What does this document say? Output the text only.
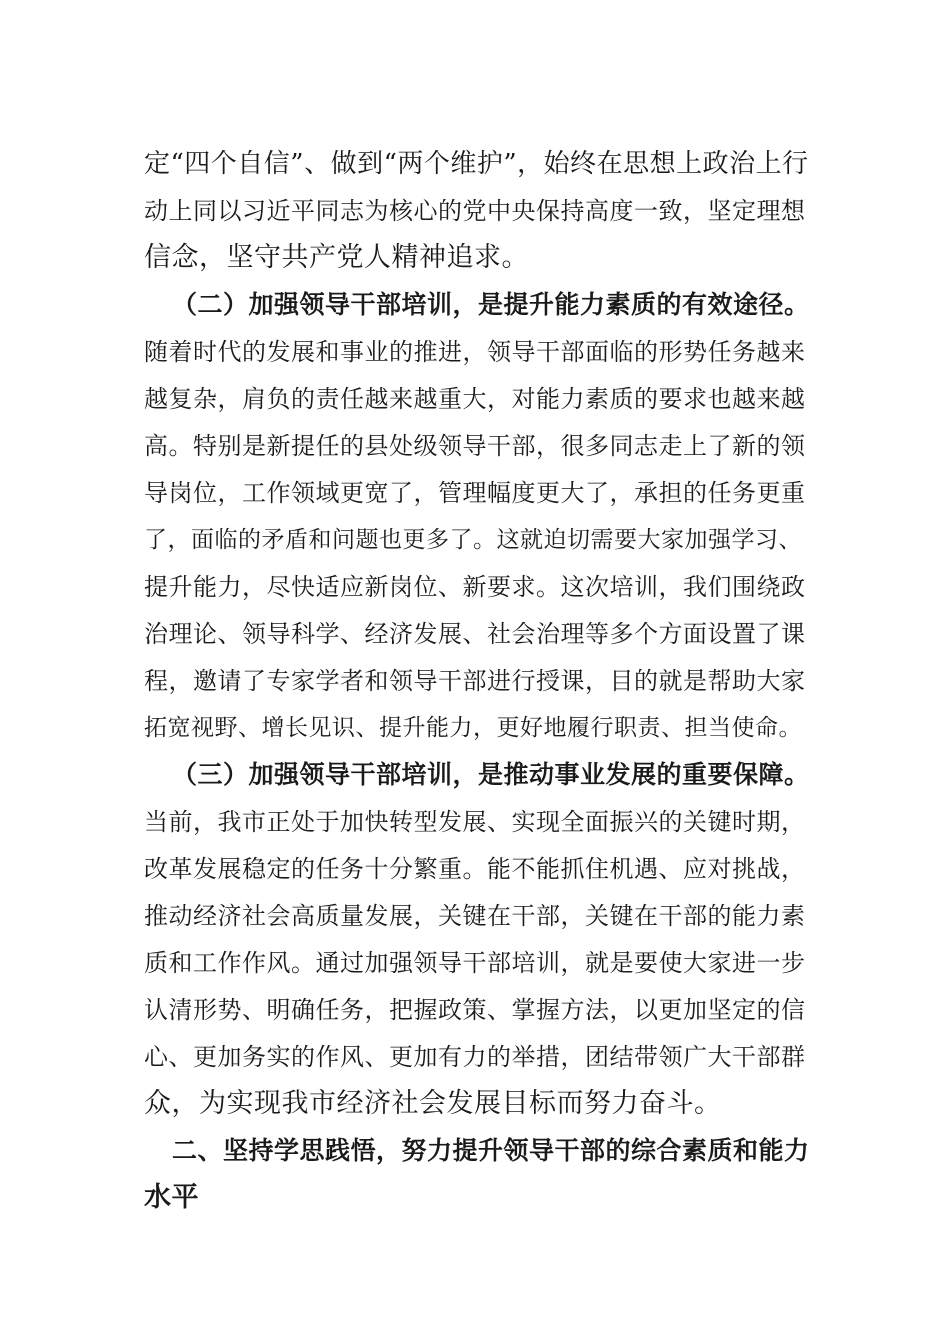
定“四个自信”、做到“两个维护”，始终在思想上政治上行
动上同以习近平同志为核心的党中央保持高度一致，坚定理想
信念，坚守共产党人精神追求。
（二）加强领导干部培训，是提升能力素质的有效途径。
随着时代的发展和事业的推进，领导干部面临的形势任务越来
越复杂，肩负的责任越来越重大，对能力素质的要求也越来越
高。特别是新提任的县处级领导干部，很多同志走上了新的领
导岗位，工作领域更宽了，管理幅度更大了，承担的任务更重
了，面临的矛盾和问题也更多了。这就迫切需要大家加强学习、
提升能力，尽快适应新岗位、新要求。这次培训，我们围绕政
治理论、领导科学、经济发展、社会治理等多个方面设置了课
程，邀请了专家学者和领导干部进行授课，目的就是帮助大家
拓宽视野、增长见识、提升能力，更好地履行职责、担当使命。
（三）加强领导干部培训，是推动事业发展的重要保障。
当前，我市正处于加快转型发展、实现全面振兴的关键时期，
改革发展稳定的任务十分繁重。能不能抓住机遇、应对挑战，
推动经济社会高质量发展，关键在干部，关键在干部的能力素
质和工作作风。通过加强领导干部培训，就是要使大家进一步
认清形势、明确任务，把握政策、掌握方法，以更加坚定的信
心、更加务实的作风、更加有力的举措，团结带领广大干部群
众，为实现我市经济社会发展目标而努力奋斗。
二、坚持学思践悟，努力提升领导干部的综合素质和能力
水平
